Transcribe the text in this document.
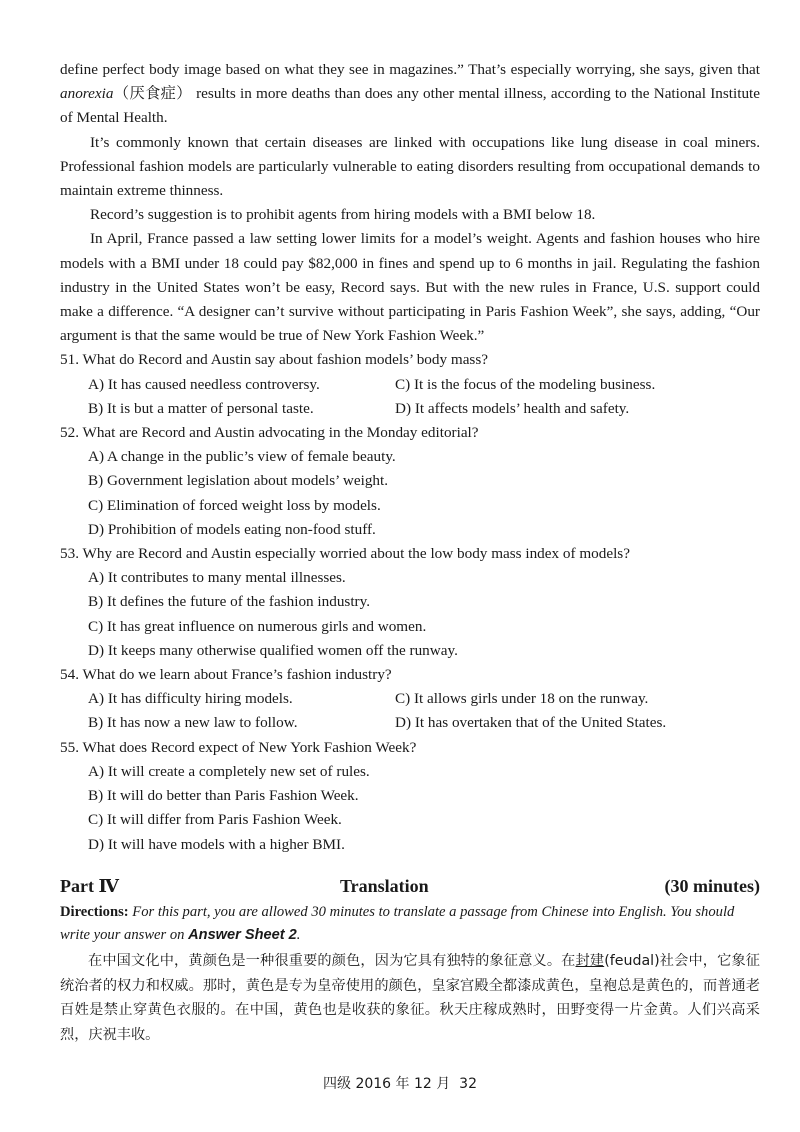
define perfect body image based on what they see in magazines.” That’s especially worrying, she says, given that anorexia（厌食症） results in more deaths than does any other mental illness, according to the National Institute of Mental Health.

It’s commonly known that certain diseases are linked with occupations like lung disease in coal miners. Professional fashion models are particularly vulnerable to eating disorders resulting from occupational demands to maintain extreme thinness.

Record’s suggestion is to prohibit agents from hiring models with a BMI below 18.

In April, France passed a law setting lower limits for a model’s weight. Agents and fashion houses who hire models with a BMI under 18 could pay $82,000 in fines and spend up to 6 months in jail. Regulating the fashion industry in the United States won’t be easy, Record says. But with the new rules in France, U.S. support could make a difference. “A designer can’t survive without participating in Paris Fashion Week”, she says, adding, “Our argument is that the same would be true of New York Fashion Week.”

51. What do Record and Austin say about fashion models’ body mass?

A) It has caused needless controversy.	C) It is the focus of the modeling business.
B) It is but a matter of personal taste.	D) It affects models’ health and safety.

52. What are Record and Austin advocating in the Monday editorial?

A) A change in the public’s view of female beauty.

B) Government legislation about models’ weight.

C) Elimination of forced weight loss by models.

D) Prohibition of models eating non-food stuff.

53. Why are Record and Austin especially worried about the low body mass index of models?

A) It contributes to many mental illnesses.

B) It defines the future of the fashion industry.

C) It has great influence on numerous girls and women.

D) It keeps many otherwise qualified women off the runway.

54. What do we learn about France’s fashion industry?

A) It has difficulty hiring models.	C) It allows girls under 18 on the runway.
B) It has now a new law to follow.	D) It has overtaken that of the United States.

55. What does Record expect of New York Fashion Week?

A) It will create a completely new set of rules.

B) It will do better than Paris Fashion Week.

C) It will differ from Paris Fashion Week.

D) It will have models with a higher BMI.

Part Ⅳ	Translation	(30 minutes)

Directions: For this part, you are allowed 30 minutes to translate a passage from Chinese into English. You should write your answer on Answer Sheet 2.

在中国文化中，黄颜色是一种很重要的颜色，因为它具有独特的象征意义。在封建(feudal)社会中，它象征统治者的权力和权威。那时，黄色是专为皇帝使用的颜色，皇家宫殿全都漆成黄色，皇袍总是黄色的，而普通老百姓是禁止穿黄色衣服的。在中国，黄色也是收获的象征。秋天庄稼成熟时，田野变得一片金黄。人们兴高采烈，庆祝丰收。

四级 2016 年 12 月 32
